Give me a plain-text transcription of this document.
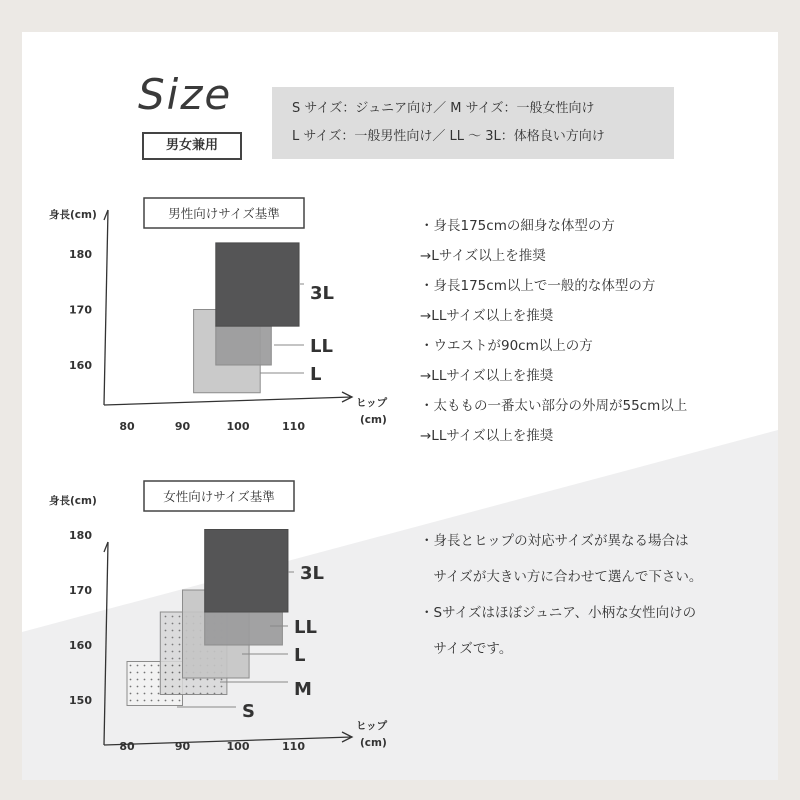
男性向けサイズ基準
身長(cm)
ヒップ
(cm)
L
LL
3L
80	90	100	110
160
170
180
女性向けサイズ基準
身長(cm)
ヒップ
(cm)
S
M
L
LL
3L
80	90	100	110
150
160
170
180
Size
男女兼用
S サイズ：ジュニア向け／ M サイズ：一般女性向け
L サイズ：一般男性向け／ LL ～ 3L：体格良い方向け
・身長175cmの細身な体型の方
→Lサイズ以上を推奨
・身長175cm以上で一般的な体型の方
→LLサイズ以上を推奨
・ウエストが90cm以上の方
→LLサイズ以上を推奨
・太ももの一番太い部分の外周が55cm以上
→LLサイズ以上を推奨
・身長とヒップの対応サイズが異なる場合は
　サイズが大きい方に合わせて選んで下さい。
・Sサイズはほぼジュニア、小柄な女性向けの
　サイズです。
